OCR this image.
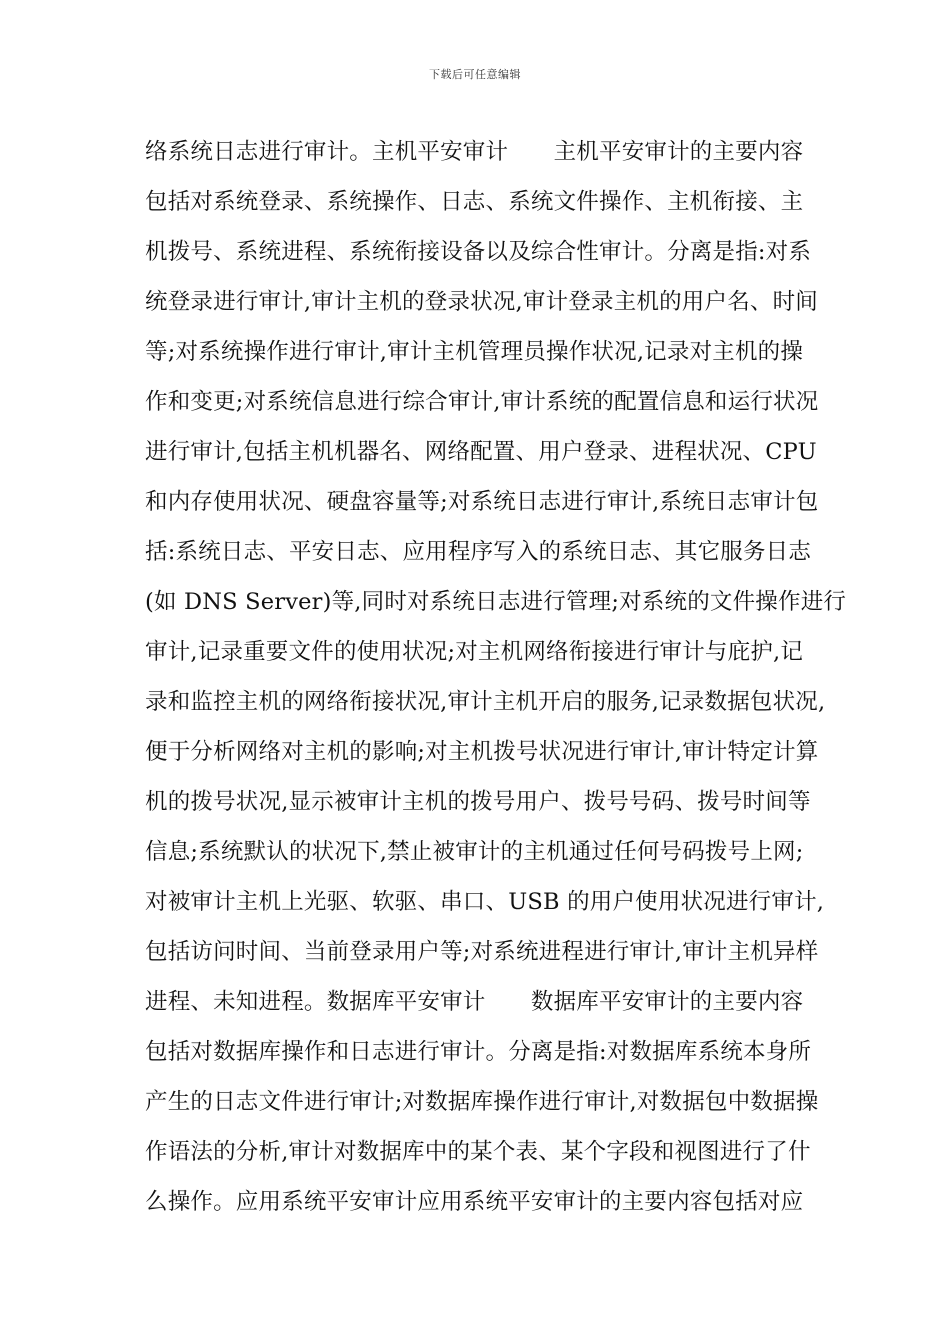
下载后可任意编辑
络系统日志进行审计。主机平安审计　　主机平安审计的主要内容
包括对系统登录、系统操作、日志、系统文件操作、主机衔接、主
机拨号、系统进程、系统衔接设备以及综合性审计。分离是指:对系
统登录进行审计,审计主机的登录状况,审计登录主机的用户名、时间
等;对系统操作进行审计,审计主机管理员操作状况,记录对主机的操
作和变更;对系统信息进行综合审计,审计系统的配置信息和运行状况
进行审计,包括主机机器名、网络配置、用户登录、进程状况、CPU
和内存使用状况、硬盘容量等;对系统日志进行审计,系统日志审计包
括:系统日志、平安日志、应用程序写入的系统日志、其它服务日志
(如 DNS Server)等,同时对系统日志进行管理;对系统的文件操作进行
审计,记录重要文件的使用状况;对主机网络衔接进行审计与庇护,记
录和监控主机的网络衔接状况,审计主机开启的服务,记录数据包状况,
便于分析网络对主机的影响;对主机拨号状况进行审计,审计特定计算
机的拨号状况,显示被审计主机的拨号用户、拨号号码、拨号时间等
信息;系统默认的状况下,禁止被审计的主机通过任何号码拨号上网;
对被审计主机上光驱、软驱、串口、USB 的用户使用状况进行审计,
包括访问时间、当前登录用户等;对系统进程进行审计,审计主机异样
进程、未知进程。数据库平安审计　　数据库平安审计的主要内容
包括对数据库操作和日志进行审计。分离是指:对数据库系统本身所
产生的日志文件进行审计;对数据库操作进行审计,对数据包中数据操
作语法的分析,审计对数据库中的某个表、某个字段和视图进行了什
么操作。应用系统平安审计应用系统平安审计的主要内容包括对应
